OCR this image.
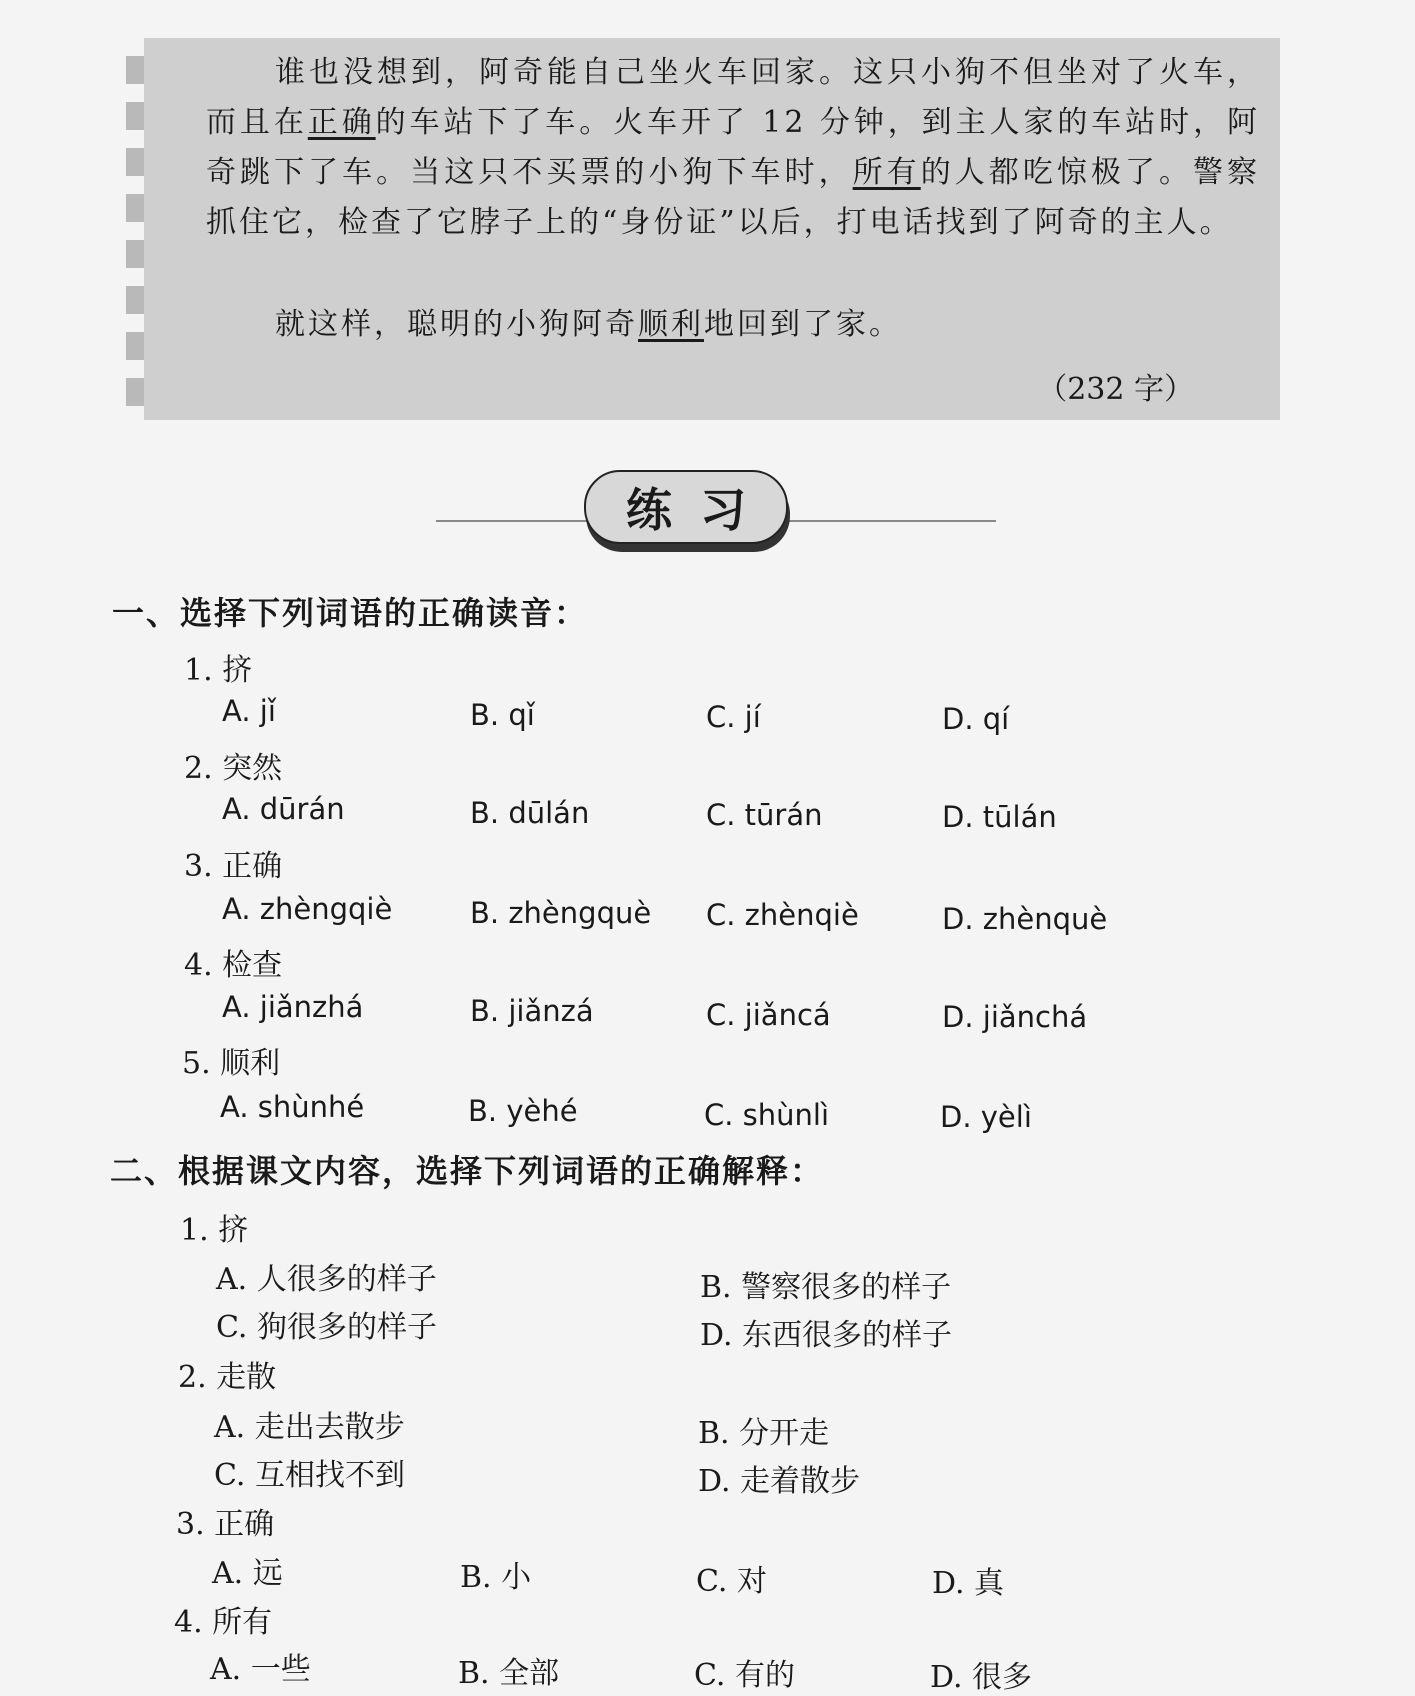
谁也没想到，阿奇能自己坐火车回家。这只小狗不但坐对了火车，而且在正确的车站下了车。火车开了 12 分钟，到主人家的车站时，阿奇跳下了车。当这只不买票的小狗下车时，所有的人都吃惊极了。警察抓住它，检查了它脖子上的“身份证”以后，打电话找到了阿奇的主人。

就这样，聪明的小狗阿奇顺利地回到了家。

（232 字）
练习
一、选择下列词语的正确读音：
1. 挤
A. jǐ	B. qǐ	C. jí	D. qí
2. 突然
A. dūrán	B. dūlán	C. tūrán	D. tūlán
3. 正确
A. zhèngqiè	B. zhèngquè C. zhènqiè	D. zhènquè
4. 检查
A. jiǎnzhá	B. jiǎnzá	C. jiǎncá	D. jiǎnchá
5. 顺利
A. shùnhé	B. yèhé	C. shùnlì	D. yèlì
二、根据课文内容，选择下列词语的正确解释：
1. 挤
A. 人很多的样子	B. 警察很多的样子
C. 狗很多的样子	D. 东西很多的样子
2. 走散
A. 走出去散步	B. 分开走
C. 互相找不到	D. 走着散步
3. 正确
A. 远	B. 小	C. 对	D. 真
4. 所有
A. 一些	B. 全部	C. 有的	D. 很多
